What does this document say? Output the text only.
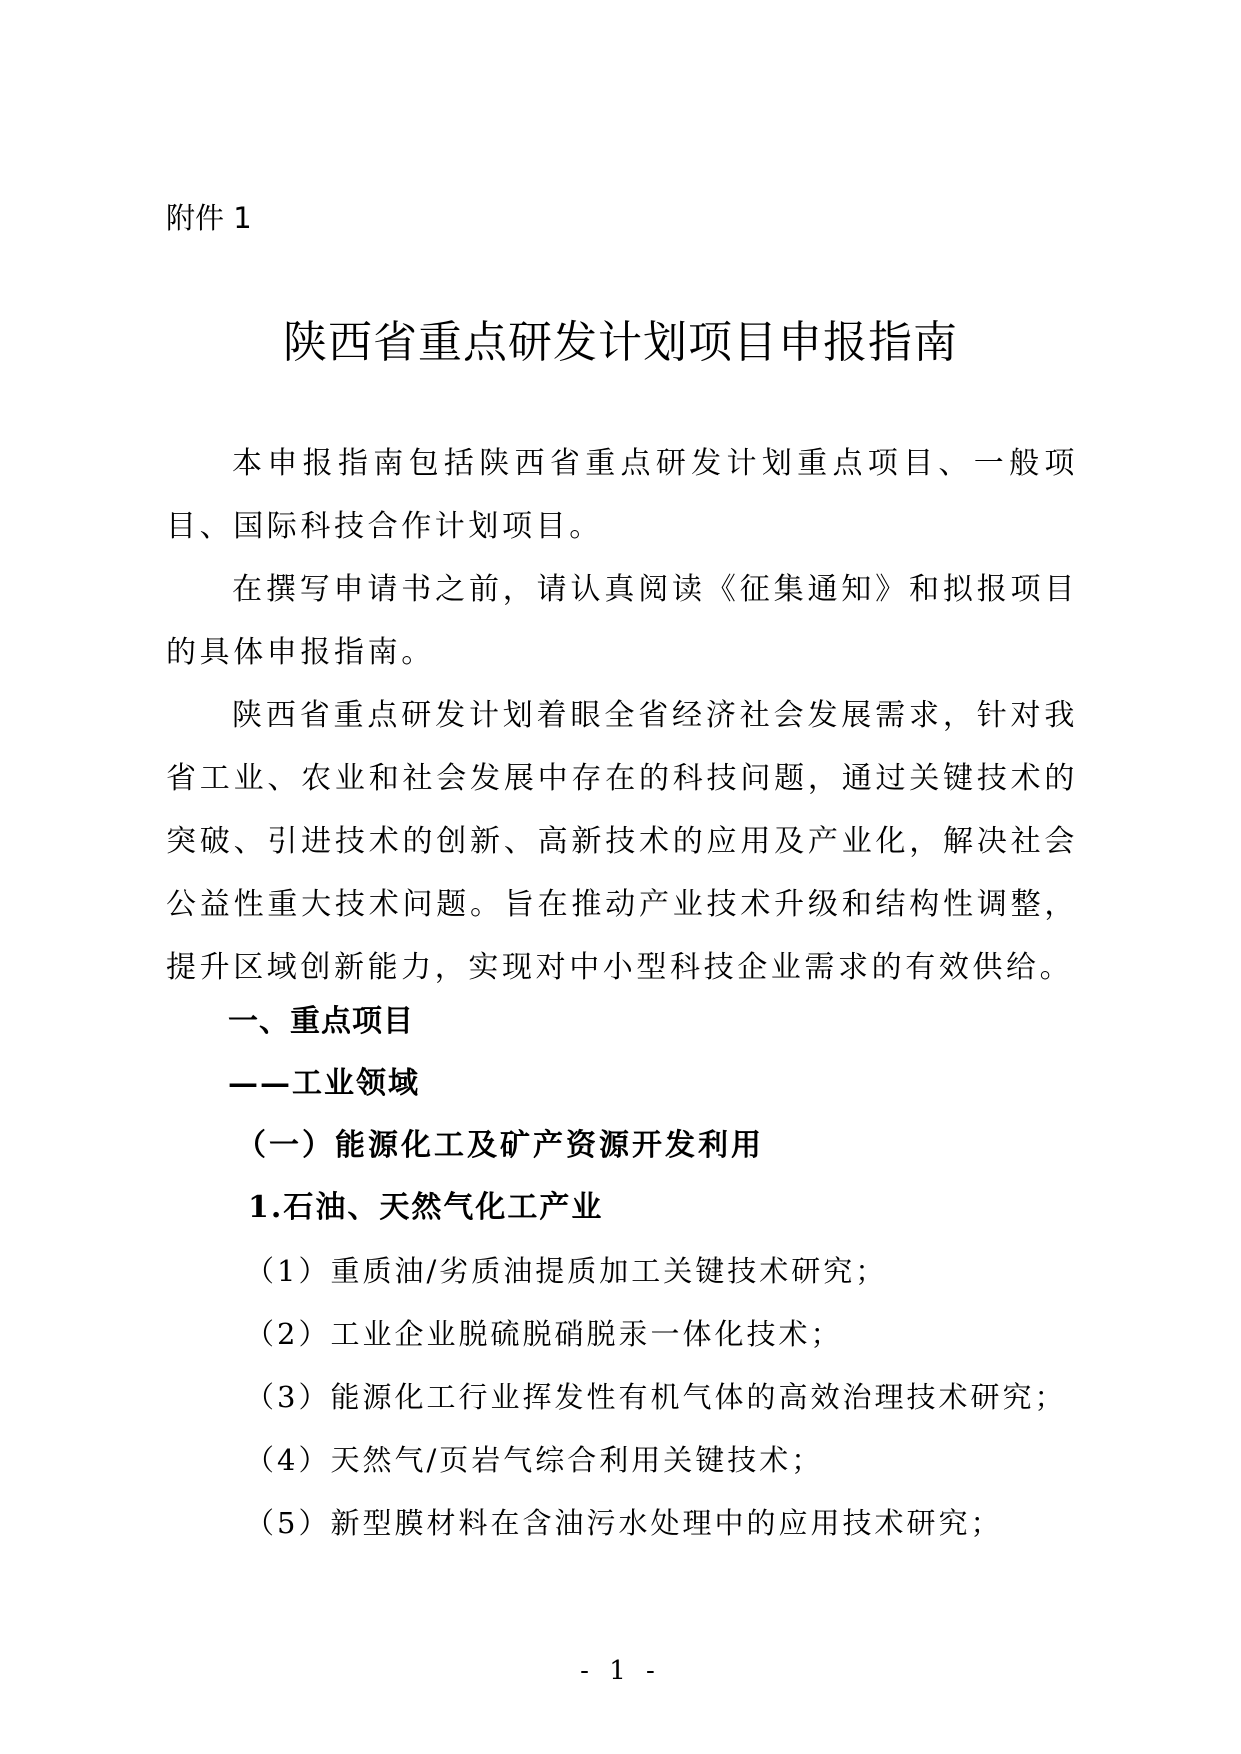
附件 1
陕西省重点研发计划项目申报指南

本申报指南包括陕西省重点研发计划重点项目、一般项目、国际科技合作计划项目。

在撰写申请书之前，请认真阅读《征集通知》和拟报项目的具体申报指南。

陕西省重点研发计划着眼全省经济社会发展需求，针对我省工业、农业和社会发展中存在的科技问题，通过关键技术的突破、引进技术的创新、高新技术的应用及产业化，解决社会公益性重大技术问题。旨在推动产业技术升级和结构性调整，提升区域创新能力，实现对中小型科技企业需求的有效供给。

一、重点项目
——工业领域
（一）能源化工及矿产资源开发利用
1.石油、天然气化工产业
（1）重质油/劣质油提质加工关键技术研究；
（2）工业企业脱硫脱硝脱汞一体化技术；
（3）能源化工行业挥发性有机气体的高效治理技术研究；
（4）天然气/页岩气综合利用关键技术；
（5）新型膜材料在含油污水处理中的应用技术研究；
- 1 -
